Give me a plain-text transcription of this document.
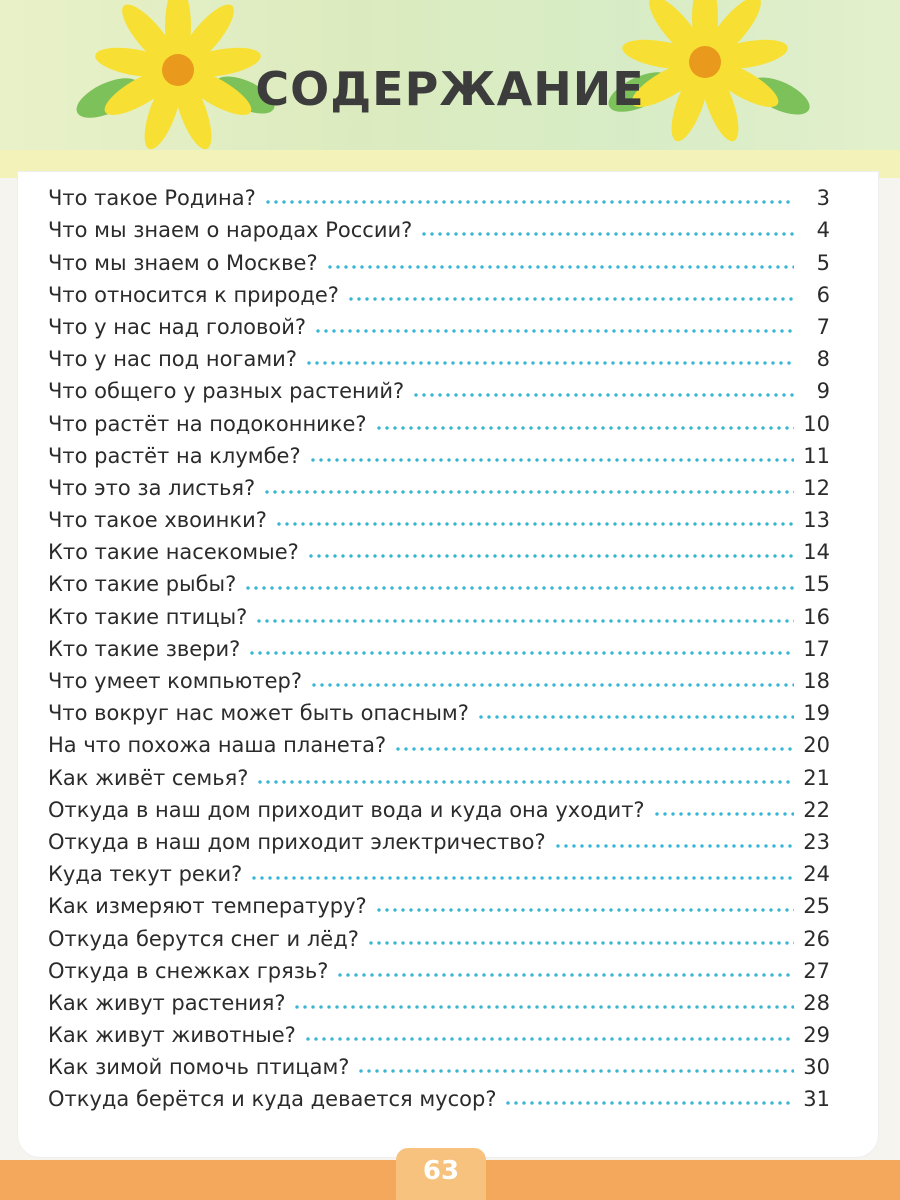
СОДЕРЖАНИЕ
Что такое Родина?	3
Что мы знаем о народах России?	4
Что мы знаем о Москве?	5
Что относится к природе?	6
Что у нас над головой?	7
Что у нас под ногами?	8
Что общего у разных растений?	9
Что растёт на подоконнике?	10
Что растёт на клумбе?	11
Что это за листья?	12
Что такое хвоинки?	13
Кто такие насекомые?	14
Кто такие рыбы?	15
Кто такие птицы?	16
Кто такие звери?	17
Что умеет компьютер?	18
Что вокруг нас может быть опасным?	19
На что похожа наша планета?	20
Как живёт семья?	21
Откуда в наш дом приходит вода и куда она уходит?	22
Откуда в наш дом приходит электричество?	23
Куда текут реки?	24
Как измеряют температуру?	25
Откуда берутся снег и лёд?	26
Откуда в снежках грязь?	27
Как живут растения?	28
Как живут животные?	29
Как зимой помочь птицам?	30
Откуда берётся и куда девается мусор?	31
63
